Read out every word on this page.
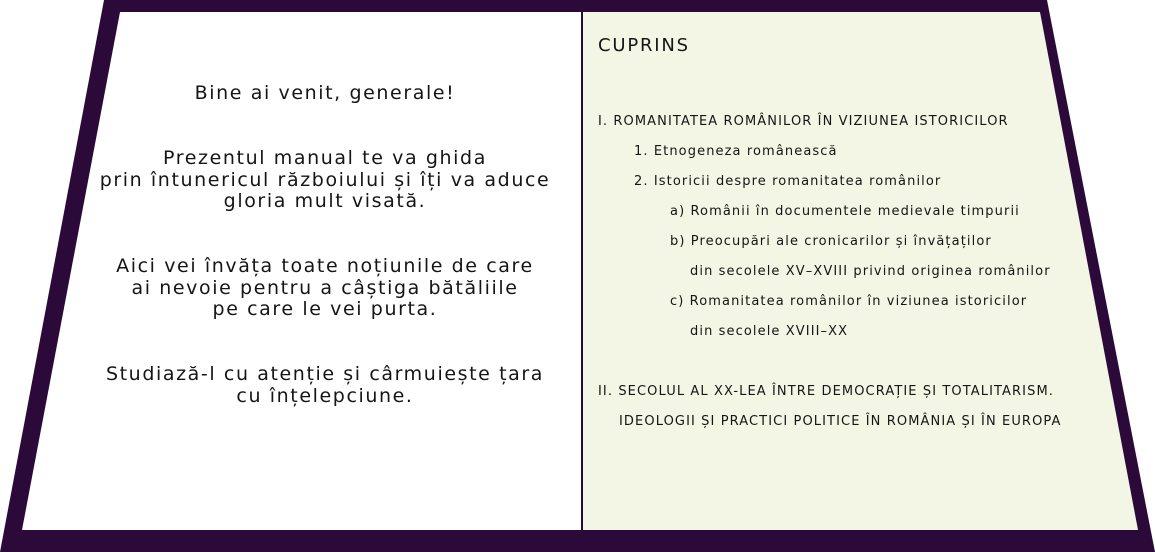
Bine ai venit, generale!
Prezentul manual te va ghida
prin întunericul războiului și îți va aduce
gloria mult visată.
Aici vei învăța toate noțiunile de care
ai nevoie pentru a câștiga bătăliile
pe care le vei purta.
Studiază-l cu atenție și cârmuiește țara
cu înțelepciune.
CUPRINS
I. ROMANITATEA ROMÂNILOR ÎN VIZIUNEA ISTORICILOR
1. Etnogeneza românească
2. Istoricii despre romanitatea românilor
a) Românii în documentele medievale timpurii
b) Preocupări ale cronicarilor și învățaților
din secolele XV–XVIII privind originea românilor
c) Romanitatea românilor în viziunea istoricilor
din secolele XVIII–XX
II. SECOLUL AL XX-LEA ÎNTRE DEMOCRAȚIE ȘI TOTALITARISM.
IDEOLOGII ȘI PRACTICI POLITICE ÎN ROMÂNIA ȘI ÎN EUROPA
